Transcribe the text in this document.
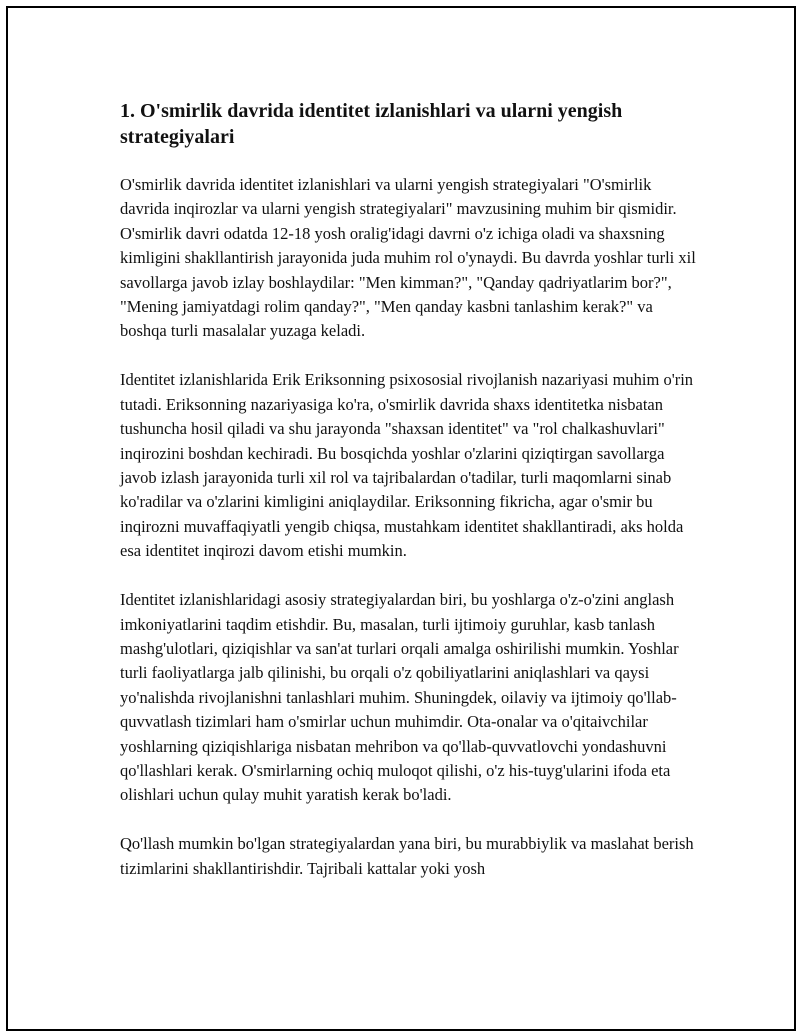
1. O'smirlik davrida identitet izlanishlari va ularni yengish strategiyalari

O'smirlik davrida identitet izlanishlari va ularni yengish strategiyalari "O'smirlik davrida inqirozlar va ularni yengish strategiyalari" mavzusining muhim bir qismidir. O'smirlik davri odatda 12-18 yosh oralig'idagi davrni o'z ichiga oladi va shaxsning kimligini shakllantirish jarayonida juda muhim rol o'ynaydi. Bu davrda yoshlar turli xil savollarga javob izlay boshlaydilar: "Men kimman?", "Qanday qadriyatlarim bor?", "Mening jamiyatdagi rolim qanday?", "Men qanday kasbni tanlashim kerak?" va boshqa turli masalalar yuzaga keladi.

Identitet izlanishlarida Erik Eriksonning psixososial rivojlanish nazariyasi muhim o'rin tutadi. Eriksonning nazariyasiga ko'ra, o'smirlik davrida shaxs identitetka nisbatan tushuncha hosil qiladi va shu jarayonda "shaxsan identitet" va "rol chalkashuvlari" inqirozini boshdan kechiradi. Bu bosqichda yoshlar o'zlarini qiziqtirgan savollarga javob izlash jarayonida turli xil rol va tajribalardan o'tadilar, turli maqomlarni sinab ko'radilar va o'zlarini kimligini aniqlaydilar. Eriksonning fikricha, agar o'smir bu inqirozni muvaffaqiyatli yengib chiqsa, mustahkam identitet shakllantiradi, aks holda esa identitet inqirozi davom etishi mumkin.

Identitet izlanishlaridagi asosiy strategiyalardan biri, bu yoshlarga o'z-o'zini anglash imkoniyatlarini taqdim etishdir. Bu, masalan, turli ijtimoiy guruhlar, kasb tanlash mashg'ulotlari, qiziqishlar va san'at turlari orqali amalga oshirilishi mumkin. Yoshlar turli faoliyatlarga jalb qilinishi, bu orqali o'z qobiliyatlarini aniqlashlari va qaysi yo'nalishda rivojlanishni tanlashlari muhim. Shuningdek, oilaviy va ijtimoiy qo'llab-quvvatlash tizimlari ham o'smirlar uchun muhimdir. Ota-onalar va o'qitaivchilar yoshlarning qiziqishlariga nisbatan mehribon va qo'llab-quvvatlovchi yondashuvni qo'llashlari kerak. O'smirlarning ochiq muloqot qilishi, o'z his-tuyg'ularini ifoda eta olishlari uchun qulay muhit yaratish kerak bo'ladi.

Qo'llash mumkin bo'lgan strategiyalardan yana biri, bu murabbiylik va maslahat berish tizimlarini shakllantirishdir. Tajribali kattalar yoki yosh
